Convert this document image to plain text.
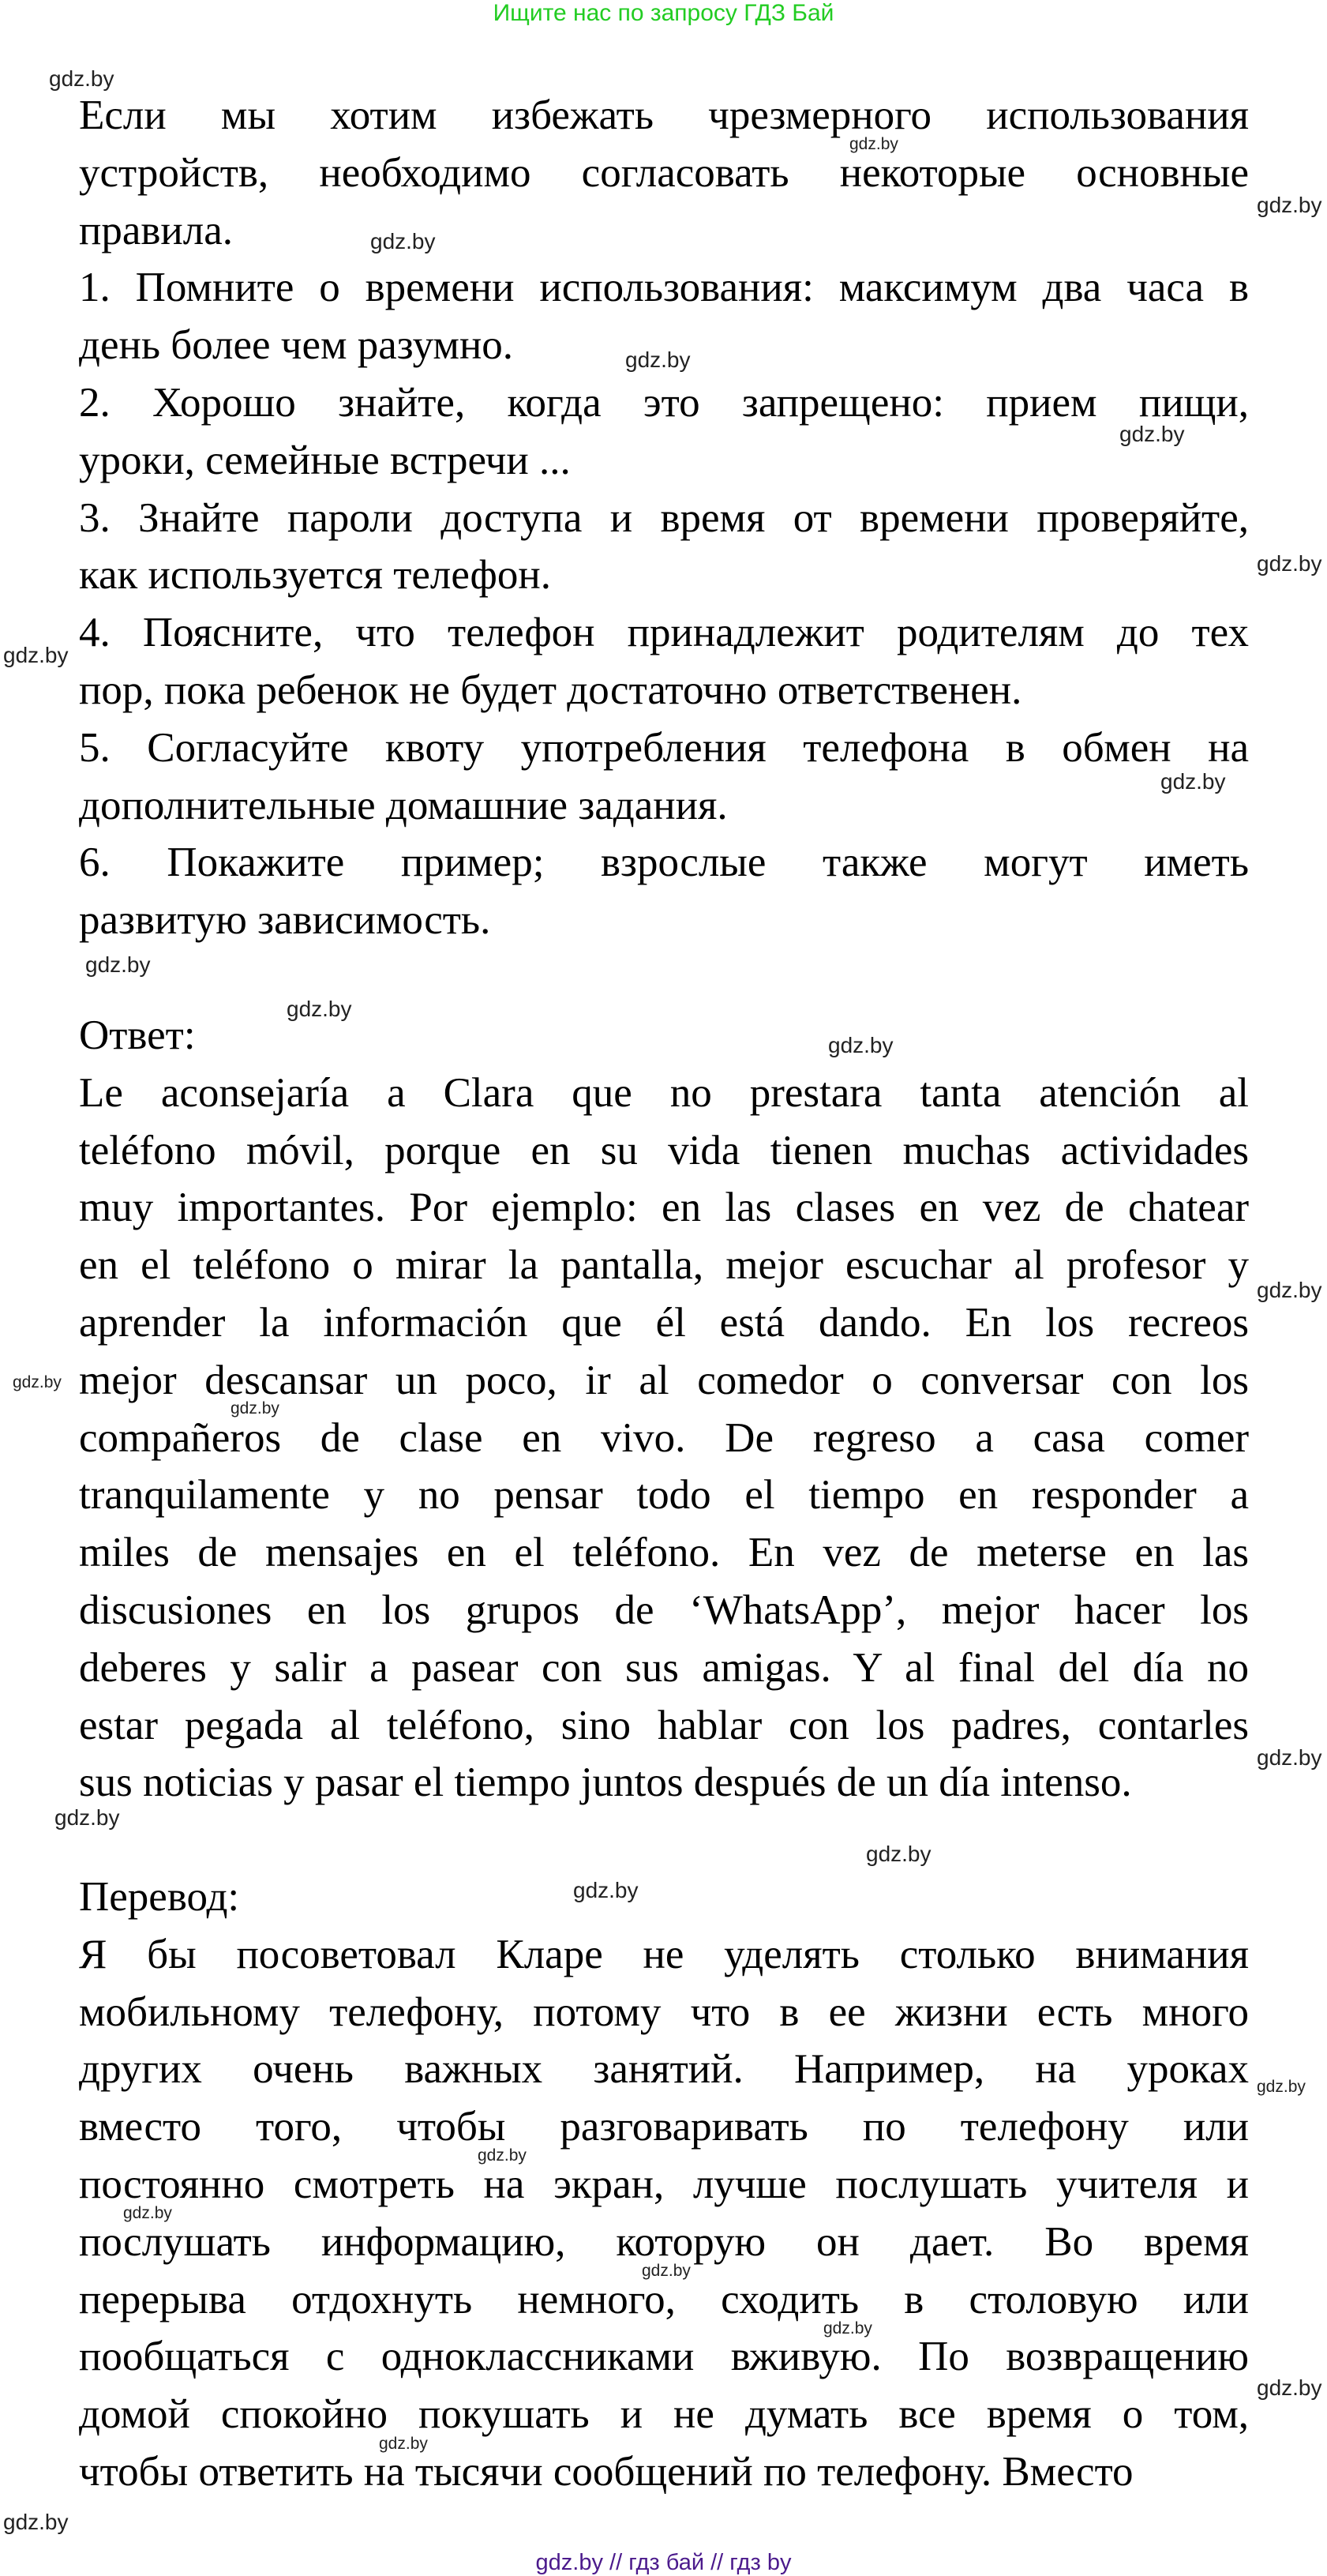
Ищите нас по запросу ГДЗ Бай
Если мы хотим избежать чрезмерного использования
устройств, необходимо согласовать некоторые основные
правила.
1. Помните о времени использования: максимум два часа в
день более чем разумно.
2. Хорошо знайте, когда это запрещено: прием пищи,
уроки, семейные встречи ...
3. Знайте пароли доступа и время от времени проверяйте,
как используется телефон.
4. Поясните, что телефон принадлежит родителям до тех
пор, пока ребенок не будет достаточно ответственен.
5. Согласуйте квоту употребления телефона в обмен на
дополнительные домашние задания.
6. Покажите пример; взрослые также могут иметь
развитую зависимость.
Ответ:
Le aconsejaría a Clara que no prestara tanta atención al
teléfono móvil, porque en su vida tienen muchas actividades
muy importantes. Por ejemplo: en las clases en vez de chatear
en el teléfono o mirar la pantalla, mejor escuchar al profesor y
aprender la información que él está dando. En los recreos
mejor descansar un poco, ir al comedor o conversar con los
compañeros de clase en vivo. De regreso a casa comer
tranquilamente y no pensar todo el tiempo en responder a
miles de mensajes en el teléfono. En vez de meterse en las
discusiones en los grupos de ‘WhatsApp’, mejor hacer los
deberes y salir a pasear con sus amigas. Y al final del día no
estar pegada al teléfono, sino hablar con los padres, contarles
sus noticias y pasar el tiempo juntos después de un día intenso.
Перевод:
Я бы посоветовал Кларе не уделять столько внимания
мобильному телефону, потому что в ее жизни есть много
других очень важных занятий. Например, на уроках
вместо того, чтобы разговаривать по телефону или
постоянно смотреть на экран, лучше послушать учителя и
послушать информацию, которую он дает. Во время
перерыва отдохнуть немного, сходить в столовую или
пообщаться с одноклассниками вживую. По возвращению
домой спокойно покушать и не думать все время о том,
чтобы ответить на тысячи сообщений по телефону. Вместо
gdz.by
gdz.by
gdz.by
gdz.by
gdz.by
gdz.by
gdz.by
gdz.by
gdz.by
gdz.by
gdz.by
gdz.by
gdz.by
gdz.by
gdz.by
gdz.by
gdz.by
gdz.by
gdz.by
gdz.by
gdz.by
gdz.by
gdz.by
gdz.by
gdz.by
gdz.by
gdz.by
gdz.by // гдз бай // гдз by
